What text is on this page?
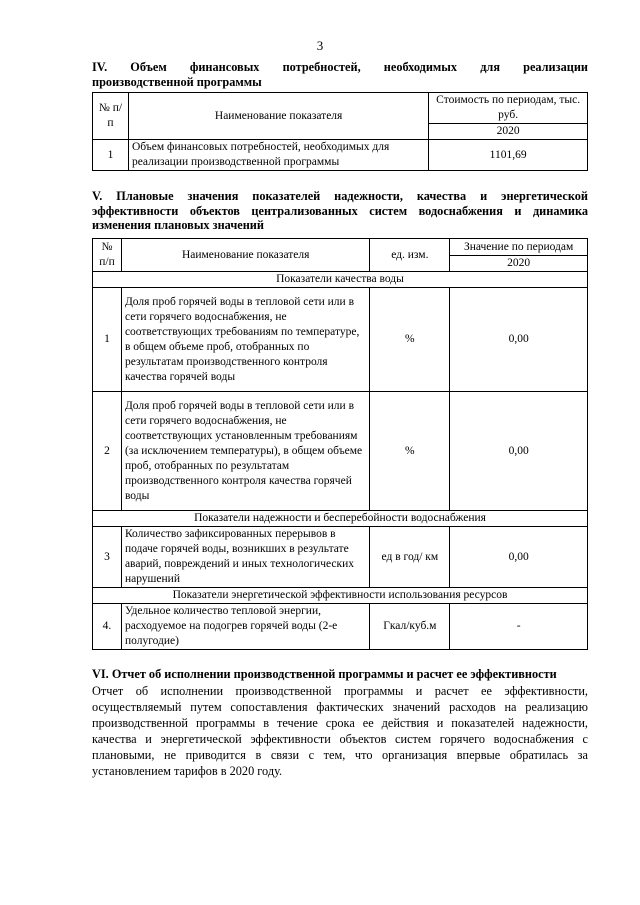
3
IV. Объем финансовых потребностей, необходимых для реализации
производственной программы
№ п/п	Наименование показателя	Стоимость по периодам, тыс. руб.
		2020
1	Объем финансовых потребностей, необходимых для реализации производственной программы	1101,69
V. Плановые значения показателей надежности, качества и энергетической
эффективности объектов централизованных систем водоснабжения и динамика
изменения плановых значений
№ п/п	Наименование показателя	ед. изм.	Значение по периодам
			2020
Показатели качества воды			
1	Доля проб горячей воды в тепловой сети или в сети горячего водоснабжения, не соответствующих требованиям по температуре, в общем объеме проб, отобранных по результатам производственного контроля качества горячей воды	%	0,00
2	Доля проб горячей воды в тепловой сети или в сети горячего водоснабжения, не соответствующих установленным требованиям (за исключением температуры), в общем объеме проб, отобранных по результатам производственного контроля качества горячей воды	%	0,00
Показатели надежности и бесперебойности водоснабжения			
3	Количество зафиксированных перерывов в подаче горячей воды, возникших в результате аварий, повреждений и иных технологических нарушений	ед в год/ км	0,00
Показатели энергетической эффективности использования ресурсов			
4.	Удельное количество тепловой энергии, расходуемое на подогрев горячей воды (2-е полугодие)	Гкал/куб.м	-
VI. Отчет об исполнении производственной программы и расчет ее эффективности
Отчет об исполнении производственной программы и расчет ее эффективности, осуществляемый путем сопоставления фактических значений расходов на реализацию производственной программы в течение срока ее действия и показателей надежности, качества и энергетической эффективности объектов систем горячего водоснабжения с плановыми, не приводится в связи с тем, что организация впервые обратилась за установлением тарифов в 2020 году.
